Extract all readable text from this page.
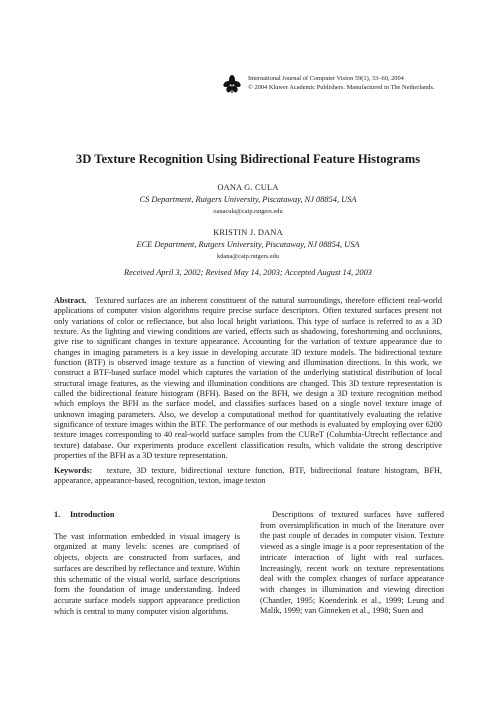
International Journal of Computer Vision 59(1), 33–60, 2004
© 2004 Kluwer Academic Publishers. Manufactured in The Netherlands.
3D Texture Recognition Using Bidirectional Feature Histograms
OANA G. CULA
CS Department, Rutgers University, Piscataway, NJ 08854, USA
oanacula@caip.rutgers.edu
KRISTIN J. DANA
ECE Department, Rutgers University, Piscataway, NJ 08854, USA
kdana@caip.rutgers.edu
Received April 3, 2002; Revised May 14, 2003; Accepted August 14, 2003
Abstract. Textured surfaces are an inherent constituent of the natural surroundings, therefore efficient real-world applications of computer vision algorithms require precise surface descriptors. Often textured surfaces present not only variations of color or reflectance, but also local height variations. This type of surface is referred to as a 3D texture. As the lighting and viewing conditions are varied, effects such as shadowing, foreshortening and occlusions, give rise to significant changes in texture appearance. Accounting for the variation of texture appearance due to changes in imaging parameters is a key issue in developing accurate 3D texture models. The bidirectional texture function (BTF) is observed image texture as a function of viewing and illumination directions. In this work, we construct a BTF-based surface model which captures the variation of the underlying statistical distribution of local structural image features, as the viewing and illumination conditions are changed. This 3D texture representation is called the bidirectional feature histogram (BFH). Based on the BFH, we design a 3D texture recognition method which employs the BFH as the surface model, and classifies surfaces based on a single novel texture image of unknown imaging parameters. Also, we develop a computational method for quantitatively evaluating the relative significance of texture images within the BTF. The performance of our methods is evaluated by employing over 6200 texture images corresponding to 40 real-world surface samples from the CUReT (Columbia-Utrecht reflectance and texture) database. Our experiments produce excellent classification results, which validate the strong descriptive properties of the BFH as a 3D texture representation.
Keywords: texture, 3D texture, bidirectional texture function, BTF, bidirectional feature histogram, BFH, appearance, appearance-based, recognition, texton, image texton
1. Introduction
The vast information embedded in visual imagery is organized at many levels: scenes are comprised of objects, objects are constructed from surfaces, and surfaces are described by reflectance and texture. Within this schematic of the visual world, surface descriptions form the foundation of image understanding. Indeed accurate surface models support appearance prediction which is central to many computer vision algorithms.
Descriptions of textured surfaces have suffered from oversimplification in much of the literature over the past couple of decades in computer vision. Texture viewed as a single image is a poor representation of the intricate interaction of light with real surfaces. Increasingly, recent work on texture representations deal with the complex changes of surface appearance with changes in illumination and viewing direction (Chantler, 1995; Koenderink et al., 1999; Leung and Malik, 1999; van Ginneken et al., 1998; Suen and
